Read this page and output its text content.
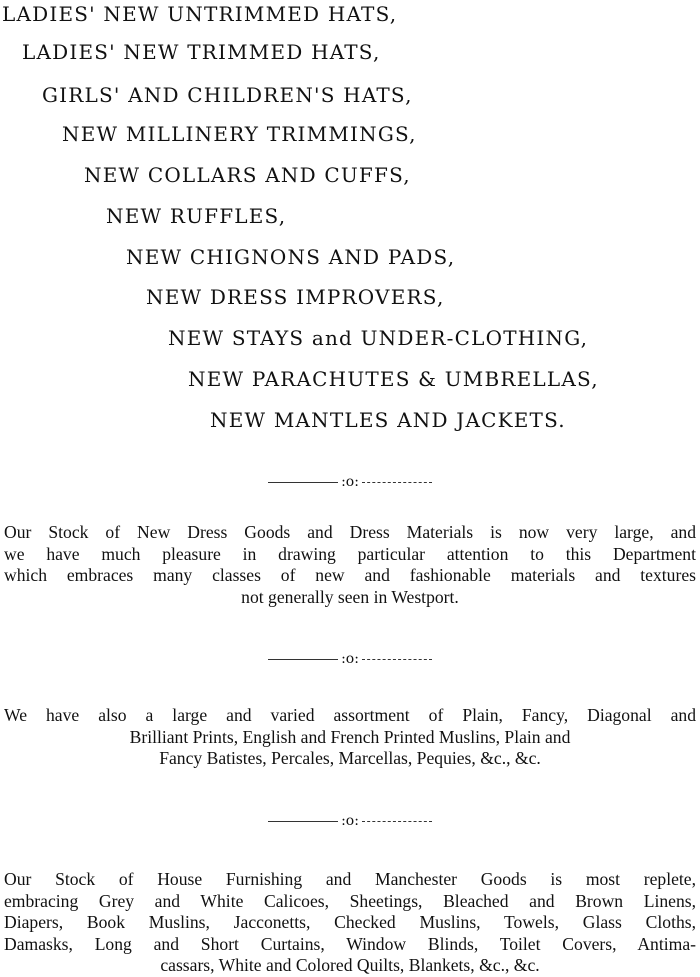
LADIES' NEW UNTRIMMED HATS,
LADIES' NEW TRIMMED HATS,
GIRLS' AND CHILDREN'S HATS,
NEW MILLINERY TRIMMINGS,
NEW COLLARS AND CUFFS,
NEW RUFFLES,
NEW CHIGNONS AND PADS,
NEW DRESS IMPROVERS,
NEW STAYS and UNDER-CLOTHING,
NEW PARACHUTES & UMBRELLAS,
NEW MANTLES AND JACKETS.
:o:
Our Stock of New Dress Goods and Dress Materials is now very large, and
we have much pleasure in drawing particular attention to this Department
which embraces many classes of new and fashionable materials and textures
not generally seen in Westport.
:o:
We have also a large and varied assortment of Plain, Fancy, Diagonal and
Brilliant Prints, English and French Printed Muslins, Plain and
Fancy Batistes, Percales, Marcellas, Pequies, &c., &c.
:o:
Our Stock of House Furnishing and Manchester Goods is most replete,
embracing Grey and White Calicoes, Sheetings, Bleached and Brown Linens,
Diapers, Book Muslins, Jacconetts, Checked Muslins, Towels, Glass Cloths,
Damasks, Long and Short Curtains, Window Blinds, Toilet Covers, Antima-
cassars, White and Colored Quilts, Blankets, &c., &c.
